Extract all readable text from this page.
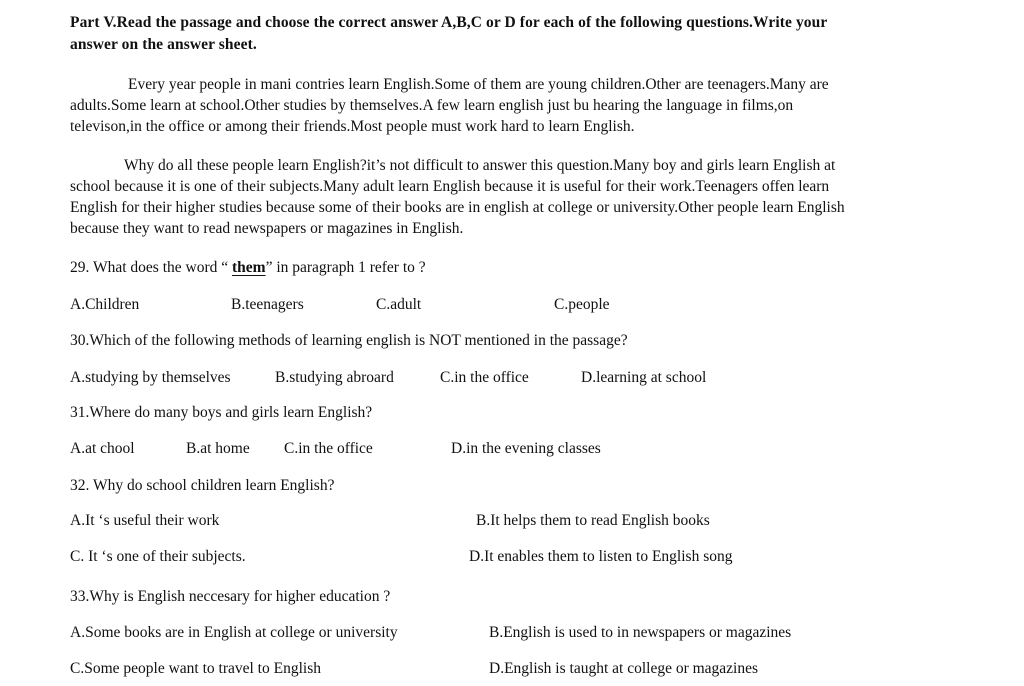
Part V.Read the passage and choose the correct answer A,B,C or D for each of the following questions.Write your
answer on the answer sheet.
Every year people in mani contries learn English.Some of them are young children.Other are teenagers.Many are
adults.Some learn at school.Other studies by themselves.A few learn english just bu hearing the language in films,on
televison,in the office or among their friends.Most people must work hard to learn English.
Why do all these people learn English?it’s not difficult to answer this question.Many boy and girls learn English at
school because it is one of their subjects.Many adult learn English because it is useful for their work.Teenagers offen learn
English for their higher studies because some of their books are in english at college or university.Other people learn English
because they want to read newspapers or magazines in English.
29. What does the word “ them” in paragraph 1 refer to ?
A.Children	B.teenagers	C.adult	C.people
30.Which of the following methods of learning english is NOT mentioned in the passage?
A.studying by themselves	B.studying abroard	C.in the office	D.learning at school
31.Where do many boys and girls learn English?
A.at chool	B.at home C.in the office	D.in the evening classes
32. Why do school children learn English?
A.It ‘s useful their work	B.It helps them to read English books
C. It ‘s one of their subjects.	D.It enables them to listen to English song
33.Why is English neccesary for higher education ?
A.Some books are in English at college or university	B.English is used to in newspapers or magazines
C.Some people want to travel to English	D.English is taught at college or magazines
